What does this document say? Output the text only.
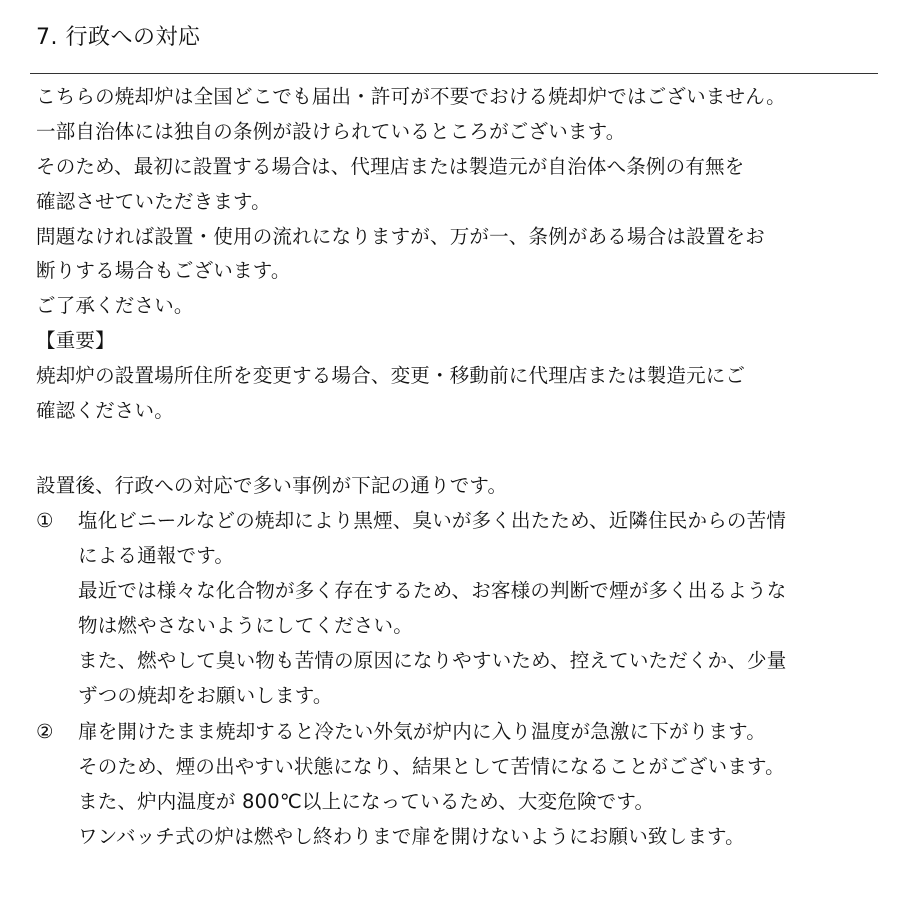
7. 行政への対応
こちらの焼却炉は全国どこでも届出・許可が不要でおける焼却炉ではございません。
一部自治体には独自の条例が設けられているところがございます。
そのため、最初に設置する場合は、代理店または製造元が自治体へ条例の有無を
確認させていただきます。
問題なければ設置・使用の流れになりますが、万が一、条例がある場合は設置をお
断りする場合もございます。
ご了承ください。
【重要】
焼却炉の設置場所住所を変更する場合、変更・移動前に代理店または製造元にご
確認ください。
設置後、行政への対応で多い事例が下記の通りです。
① 塩化ビニールなどの焼却により黒煙、臭いが多く出たため、近隣住民からの苦情
による通報です。
最近では様々な化合物が多く存在するため、お客様の判断で煙が多く出るような
物は燃やさないようにしてください。
また、燃やして臭い物も苦情の原因になりやすいため、控えていただくか、少量
ずつの焼却をお願いします。
② 扉を開けたまま焼却すると冷たい外気が炉内に入り温度が急激に下がります。
そのため、煙の出やすい状態になり、結果として苦情になることがございます。
また、炉内温度が 800℃以上になっているため、大変危険です。
ワンバッチ式の炉は燃やし終わりまで扉を開けないようにお願い致します。
